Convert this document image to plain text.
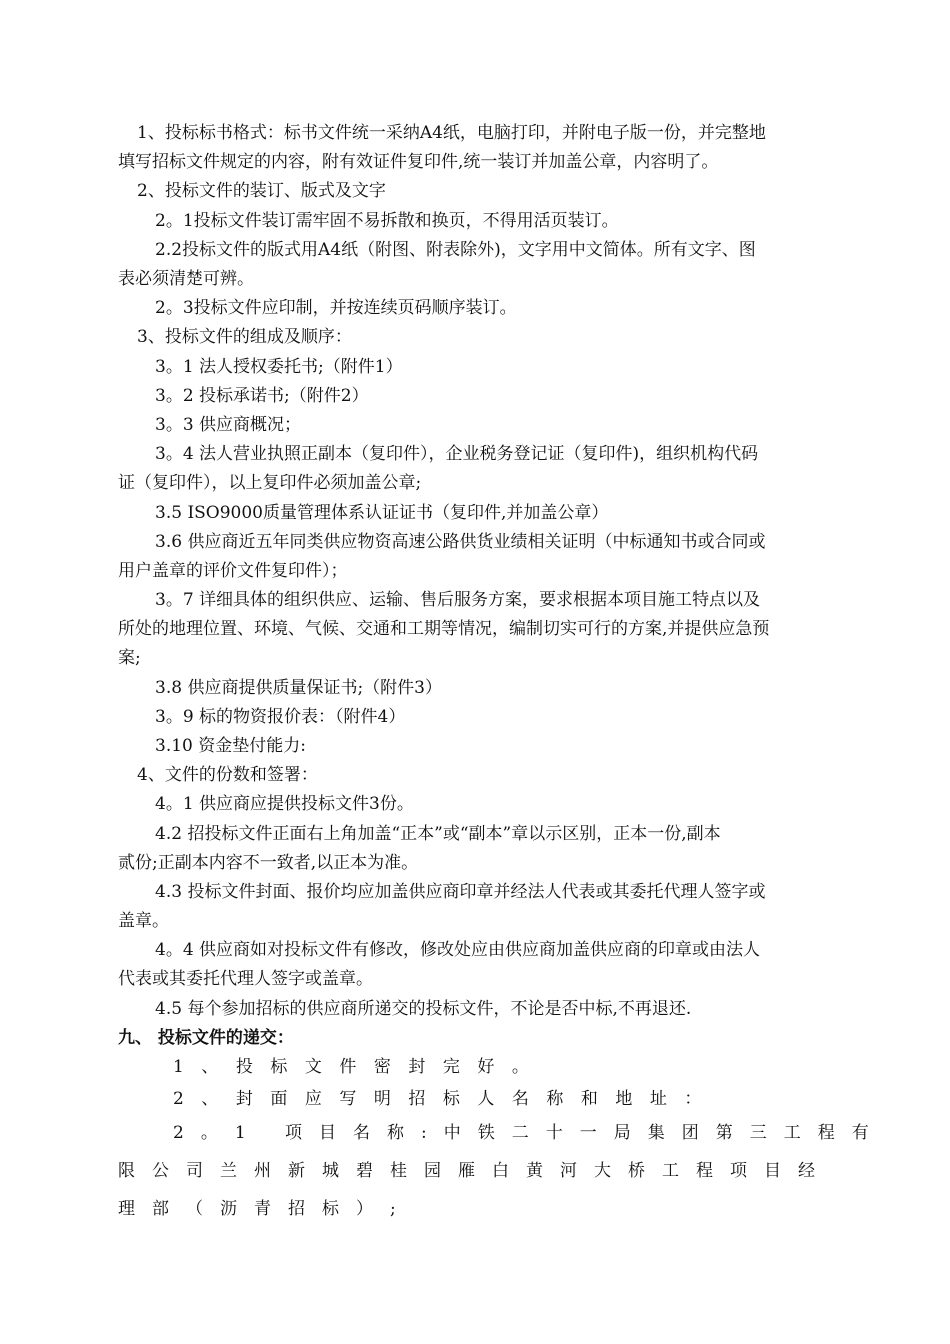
1、投标标书格式：标书文件统一采纳A4纸，电脑打印，并附电子版一份，并完整地
填写招标文件规定的内容，附有效证件复印件,统一装订并加盖公章，内容明了。
2、投标文件的装订、版式及文字
2。1投标文件装订需牢固不易拆散和换页，不得用活页装订。
2.2投标文件的版式用A4纸（附图、附表除外)，文字用中文简体。所有文字、图
表必须清楚可辨。
2。3投标文件应印制，并按连续页码顺序装订。
3、投标文件的组成及顺序：
3。1 法人授权委托书;（附件1）
3。2 投标承诺书;（附件2）
3。3 供应商概况；
3。4 法人营业执照正副本（复印件），企业税务登记证（复印件)，组织机构代码
证（复印件），以上复印件必须加盖公章;
3.5 ISO9000质量管理体系认证证书（复印件,并加盖公章）
3.6 供应商近五年同类供应物资高速公路供货业绩相关证明（中标通知书或合同或
用户盖章的评价文件复印件）；
3。7 详细具体的组织供应、运输、售后服务方案，要求根据本项目施工特点以及
所处的地理位置、环境、气候、交通和工期等情况，编制切实可行的方案,并提供应急预
案;
3.8 供应商提供质量保证书;（附件3）
3。9 标的物资报价表：（附件4）
3.10 资金垫付能力:
4、文件的份数和签署：
4。1 供应商应提供投标文件3份。
4.2 招投标文件正面右上角加盖“正本”或“副本”章以示区别，正本一份,副本
贰份;正副本内容不一致者,以正本为准。
4.3 投标文件封面、报价均应加盖供应商印章并经法人代表或其委托代理人签字或
盖章。
4。4 供应商如对投标文件有修改，修改处应由供应商加盖供应商的印章或由法人
代表或其委托代理人签字或盖章。
4.5 每个参加招标的供应商所递交的投标文件，不论是否中标,不再退还.
九、 投标文件的递交：
1、投标文件密封完好。
2、封面应写明招标人名称和地址：
2。1 项目名称:中铁二十一局集团第三工程有
限公司兰州新城碧桂园雁白黄河大桥工程项目经
理部（沥青招标）;
